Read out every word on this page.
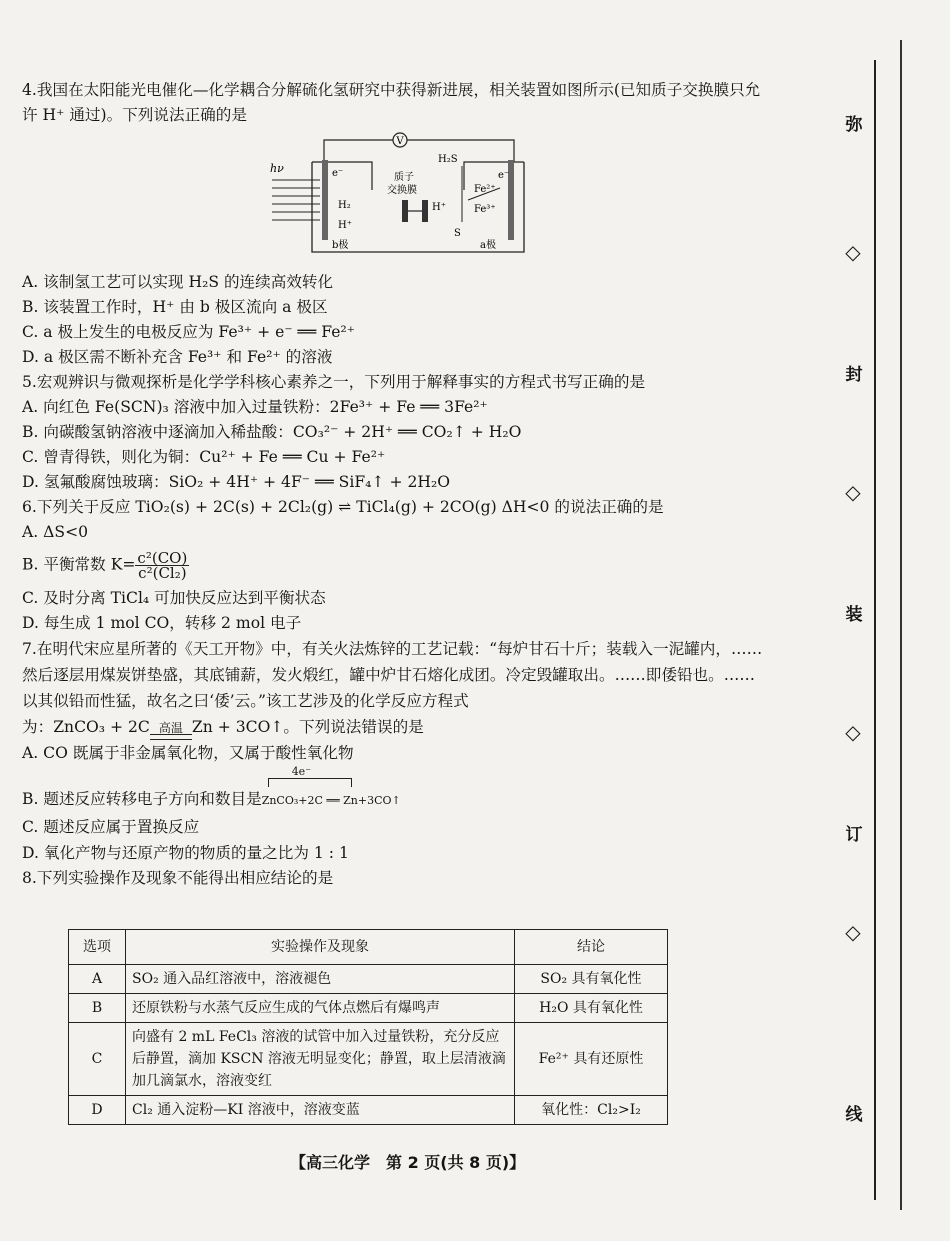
4.我国在太阳能光电催化—化学耦合分解硫化氢研究中获得新进展，相关装置如图所示(已知质子交换膜只允许 H⁺ 通过)。下列说法正确的是

V
hν	e⁻
H₂
H⁺
b极
质子
交换膜
H⁺
H₂S
Fe²⁺
Fe³⁺
S
e⁻
a极

A. 该制氢工艺可以实现 H₂S 的连续高效转化

B. 该装置工作时，H⁺ 由 b 极区流向 a 极区

C. a 极上发生的电极反应为 Fe³⁺ + e⁻ ══ Fe²⁺

D. a 极区需不断补充含 Fe³⁺ 和 Fe²⁺ 的溶液

5.宏观辨识与微观探析是化学学科核心素养之一，下列用于解释事实的方程式书写正确的是

A. 向红色 Fe(SCN)₃ 溶液中加入过量铁粉：2Fe³⁺ + Fe ══ 3Fe²⁺

B. 向碳酸氢钠溶液中逐滴加入稀盐酸：CO₃²⁻ + 2H⁺ ══ CO₂↑ + H₂O

C. 曾青得铁，则化为铜：Cu²⁺ + Fe ══ Cu + Fe²⁺

D. 氢氟酸腐蚀玻璃：SiO₂ + 4H⁺ + 4F⁻ ══ SiF₄↑ + 2H₂O

6.下列关于反应 TiO₂(s) + 2C(s) + 2Cl₂(g) ⇌ TiCl₄(g) + 2CO(g) ΔH<0 的说法正确的是

A. ΔS<0

B. 平衡常数 $K= \frac{\text{c²(CO)}}{\text{c²(Cl₂)}}$

C. 及时分离 TiCl₄ 可加快反应达到平衡状态

D. 每生成 1 mol CO，转移 2 mol 电子

7.在明代宋应星所著的《天工开物》中，有关火法炼锌的工艺记载：“每炉甘石十斤；装载入一泥罐内，……然后逐层用煤炭饼垫盛，其底铺薪，发火煅红，罐中炉甘石熔化成团。冷定毁罐取出。……即倭铅也。……以其似铅而性猛，故名之曰‘倭’云。”该工艺涉及的化学反应方程式

为：ZnCO₃ + 2C 高温 Zn + 3CO↑。下列说法错误的是

A. CO 既属于非金属氧化物，又属于酸性氧化物

B. 题述反应转移电子方向和数目是
4e⁻
ZnCO₃+2C ══ Zn+3CO↑

C. 题述反应属于置换反应

D. 氧化产物与还原产物的物质的量之比为 1 : 1

8.下列实验操作及现象不能得出相应结论的是

选项	实验操作及现象	结论
A	SO₂ 通入品红溶液中，溶液褪色	SO₂ 具有氧化性
B	还原铁粉与水蒸气反应生成的气体点燃后有爆鸣声	H₂O 具有氧化性
C	向盛有 2 mL FeCl₃ 溶液的试管中加入过量铁粉，充分反应后静置，滴加 KSCN 溶液无明显变化；静置，取上层清液滴加几滴氯水，溶液变红	Fe²⁺ 具有还原性
D	Cl₂ 通入淀粉—KI 溶液中，溶液变蓝	氧化性：Cl₂>I₂
【高三化学　第 2 页(共 8 页)】
弥
◇
封
◇
装
◇
订
◇
线
